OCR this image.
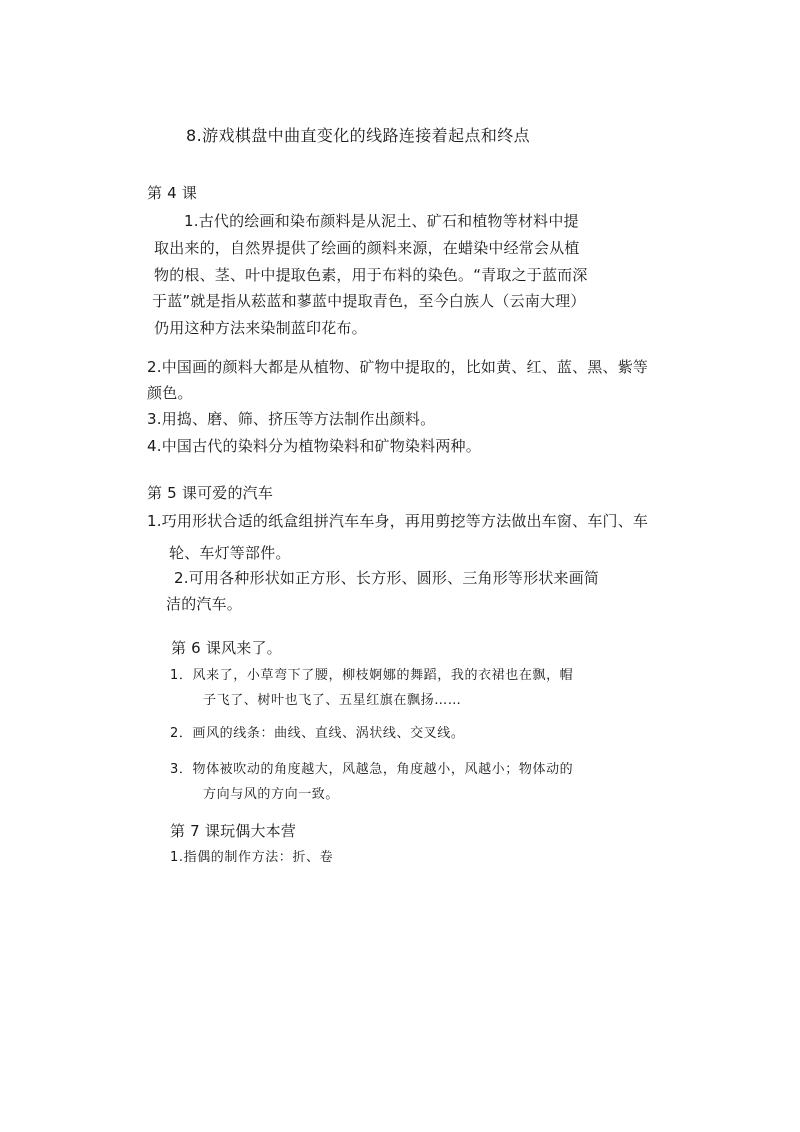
8.游戏棋盘中曲直变化的线路连接着起点和终点
第 4 课
1.古代的绘画和染布颜料是从泥土、矿石和植物等材料中提
取出来的，自然界提供了绘画的颜料来源，在蜡染中经常会从植
物的根、茎、叶中提取色素，用于布料的染色。“青取之于蓝而深
于蓝”就是指从菘蓝和蓼蓝中提取青色，至今白族人（云南大理）
仍用这种方法来染制蓝印花布。
2.中国画的颜料大都是从植物、矿物中提取的，比如黄、红、蓝、黑、紫等
颜色。
3.用捣、磨、筛、挤压等方法制作出颜料。
4.中国古代的染料分为植物染料和矿物染料两种。
第 5 课可爱的汽车
1.巧用形状合适的纸盒组拼汽车车身，再用剪挖等方法做出车窗、车门、车
轮、车灯等部件。
2.可用各种形状如正方形、长方形、圆形、三角形等形状来画简
洁的汽车。
第 6 课风来了。
1．风来了，小草弯下了腰，柳枝婀娜的舞蹈，我的衣裙也在飘，帽
子飞了、树叶也飞了、五星红旗在飘扬……
2．画风的线条：曲线、直线、涡状线、交叉线。
3．物体被吹动的角度越大，风越急，角度越小，风越小；物体动的
方向与风的方向一致。
第 7 课玩偶大本营
1.指偶的制作方法：折、卷
